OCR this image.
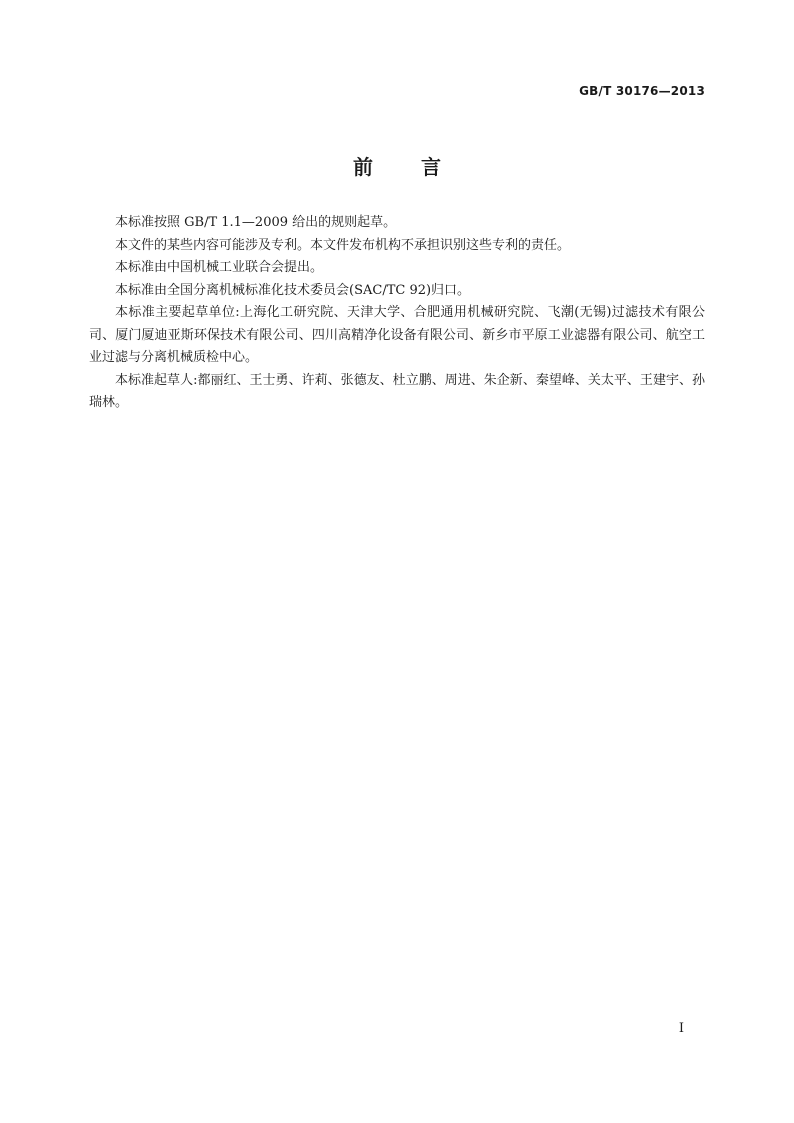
GB/T 30176—2013
前 言

本标准按照 GB/T 1.1—2009 给出的规则起草。

本文件的某些内容可能涉及专利。本文件发布机构不承担识别这些专利的责任。

本标准由中国机械工业联合会提出。

本标准由全国分离机械标准化技术委员会(SAC/TC 92)归口。

本标准主要起草单位:上海化工研究院、天津大学、合肥通用机械研究院、飞潮(无锡)过滤技术有限公司、厦门厦迪亚斯环保技术有限公司、四川高精净化设备有限公司、新乡市平原工业滤器有限公司、航空工业过滤与分离机械质检中心。

本标准起草人:都丽红、王士勇、许莉、张德友、杜立鹏、周进、朱企新、秦望峰、关太平、王建宇、孙瑞林。

I
